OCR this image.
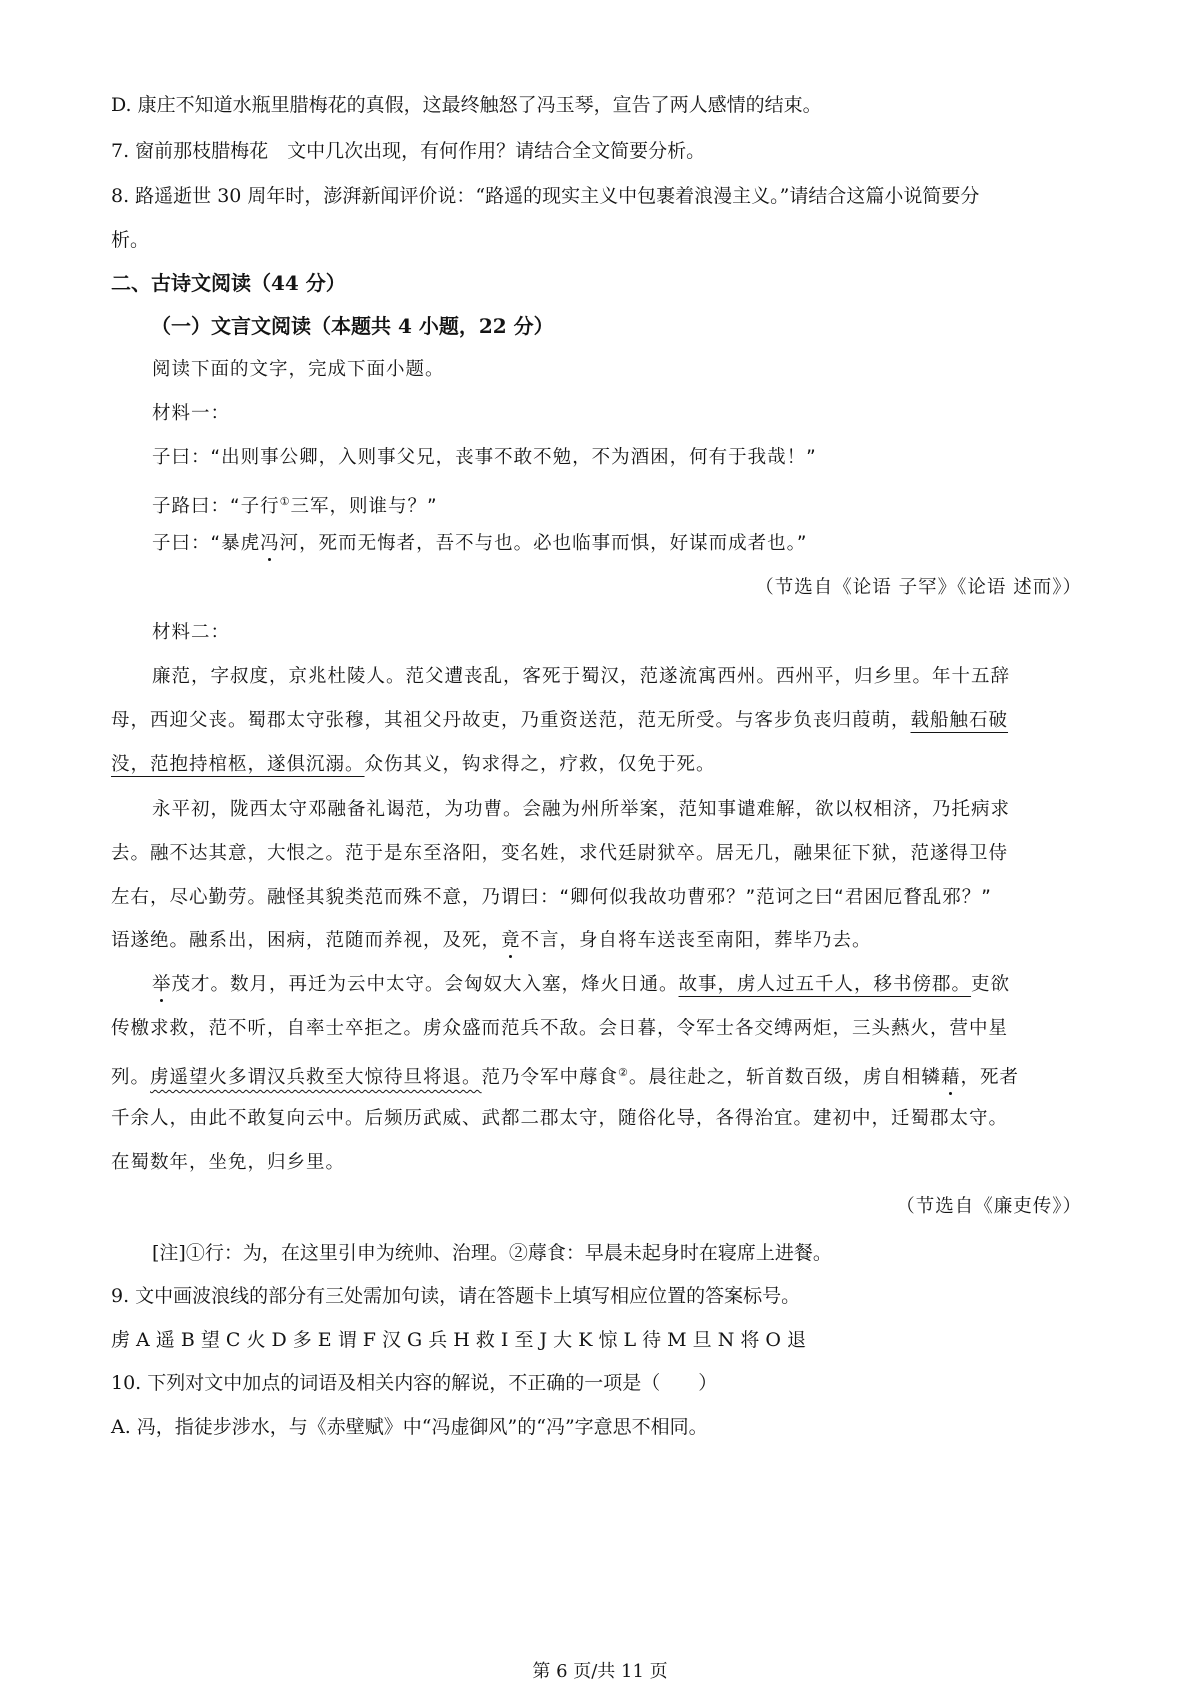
D. 康庄不知道水瓶里腊梅花的真假，这最终触怒了冯玉琴，宣告了两人感情的结束。
7. 窗前那枝腊梅花　文中几次出现，有何作用？请结合全文简要分析。
8. 路遥逝世 30 周年时，澎湃新闻评价说：“路遥的现实主义中包裹着浪漫主义。”请结合这篇小说简要分
析。
二、古诗文阅读（44 分）
（一）文言文阅读（本题共 4 小题，22 分）
阅读下面的文字，完成下面小题。
材料一：
子曰：“出则事公卿，入则事父兄，丧事不敢不勉，不为酒困，何有于我哉！”
子路曰：“子行①三军，则谁与？”
子曰：“暴虎冯河，死而无悔者，吾不与也。必也临事而惧，好谋而成者也。”
（节选自《论语 子罕》《论语 述而》）
材料二：
廉范，字叔度，京兆杜陵人。范父遭丧乱，客死于蜀汉，范遂流寓西州。西州平，归乡里。年十五辞
母，西迎父丧。蜀郡太守张穆，其祖父丹故吏，乃重资送范，范无所受。与客步负丧归葭萌，载船触石破
没，范抱持棺柩，遂俱沉溺。众伤其义，钩求得之，疗救，仅免于死。
永平初，陇西太守邓融备礼谒范，为功曹。会融为州所举案，范知事谴难解，欲以权相济，乃托病求
去。融不达其意，大恨之。范于是东至洛阳，变名姓，求代廷尉狱卒。居无几，融果征下狱，范遂得卫侍
左右，尽心勤劳。融怪其貌类范而殊不意，乃谓曰：“卿何似我故功曹邪？”范诃之曰“君困厄瞀乱邪？”
语遂绝。融系出，困病，范随而养视，及死，竟不言，身自将车送丧至南阳，葬毕乃去。
举茂才。数月，再迁为云中太守。会匈奴大入塞，烽火日通。故事，虏人过五千人，移书傍郡。吏欲
传檄求救，范不听，自率士卒拒之。虏众盛而范兵不敌。会日暮，令军士各交缚两炬，三头爇火，营中星
列。虏遥望火多谓汉兵救至大惊待旦将退。范乃令军中蓐食②。晨往赴之，斩首数百级，虏自相辚藉，死者
千余人，由此不敢复向云中。后频历武威、武都二郡太守，随俗化导，各得治宜。建初中，迁蜀郡太守。
在蜀数年，坐免，归乡里。
（节选自《廉吏传》）
[注]①行：为，在这里引申为统帅、治理。②蓐食：早晨未起身时在寝席上进餐。
9. 文中画波浪线的部分有三处需加句读，请在答题卡上填写相应位置的答案标号。
虏 A 遥 B 望 C 火 D 多 E 谓 F 汉 G 兵 H 救 I 至 J 大 K 惊 L 待 M 旦 N 将 O 退
10. 下列对文中加点的词语及相关内容的解说，不正确的一项是（　　）
A. 冯，指徒步涉水，与《赤壁赋》中“冯虚御风”的“冯”字意思不相同。
第 6 页/共 11 页
